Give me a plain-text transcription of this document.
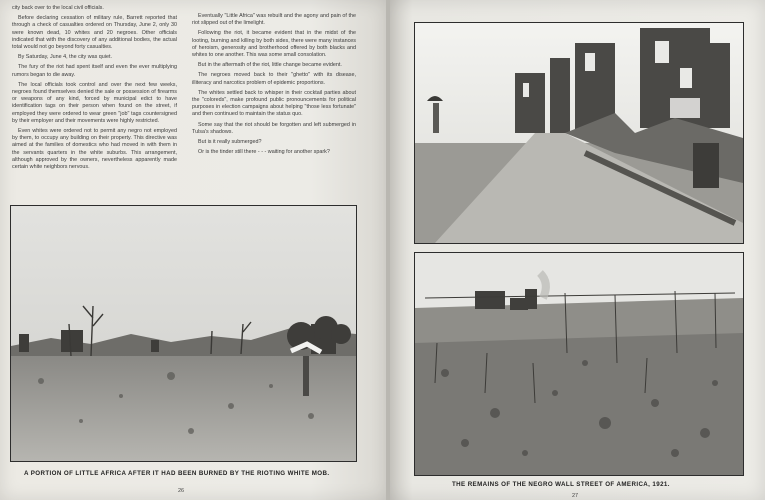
city back over to the local civil officials.

Before declaring cessation of military rule, Barrett reported that through a check of casualties ordered on Thursday, June 2, only 30 were known dead, 10 whites and 20 negroes. Other officials indicated that with the discovery of any additional bodies, the actual total would not go beyond forty casualties.

By Saturday, June 4, the city was quiet.

The fury of the riot had spent itself and even the ever multiplying rumors began to die away.

The local officials took control and over the next few weeks, negroes found themselves denied the sale or possession of firearms or weapons of any kind, forced by municipal edict to have identification tags on their person when found on the street, if employed they were ordered to wear green "job" tags countersigned by their employer and their movements were highly restricted.

Even whites were ordered not to permit any negro not employed by them, to occupy any building on their property. This directive was aimed at the families of domestics who had moved in with them in the servants quarters in the white suburbs. This arrangement, although approved by the owners, nevertheless apparently made certain white neighbors nervous.

Eventually "Little Africa" was rebuilt and the agony and pain of the riot slipped out of the limelight.

Following the riot, it became evident that in the midst of the looting, burning and killing by both sides, there were many instances of heroism, generosity and brotherhood offered by both blacks and whites to one another. This was some small consolation.

But in the aftermath of the riot, little change became evident.

The negroes moved back to their "ghetto" with its disease, illiteracy and narcotics problem of epidemic proportions.

The whites settled back to whisper in their cocktail parties about the "coloreds", make profound public pronouncements for political purposes in election campaigns about helping "those less fortunate" and then continued to maintain the status quo.

Some say that the riot should be forgotten and left submerged in Tulsa's shadows.

But is it really submerged?

Or is the tinder still there - - - waiting for another spark?

A PORTION OF LITTLE AFRICA AFTER IT HAD BEEN BURNED BY THE RIOTING WHITE MOB.
26
THE REMAINS OF THE NEGRO WALL STREET OF AMERICA, 1921.
27
